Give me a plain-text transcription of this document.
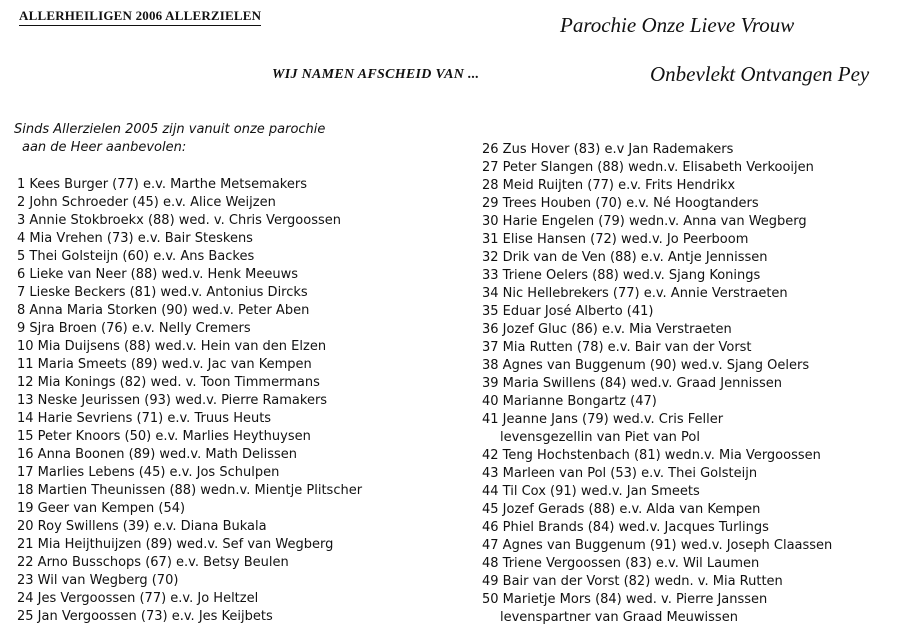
ALLERHEILIGEN 2006 ALLERZIELEN	Parochie Onze Lieve Vrouw
Onbevlekt Ontvangen Pey
WIJ NAMEN AFSCHEID VAN ...
Sinds Allerzielen 2005 zijn vanuit onze parochie
aan de Heer aanbevolen:
1 Kees Burger (77) e.v. Marthe Metsemakers
2 John Schroeder (45) e.v. Alice Weijzen
3 Annie Stokbroekx (88) wed. v. Chris Vergoossen
4 Mia Vrehen (73) e.v. Bair Steskens
5 Thei Golsteijn (60) e.v. Ans Backes
6 Lieke van Neer (88) wed.v. Henk Meeuws
7 Lieske Beckers (81) wed.v. Antonius Dircks
8 Anna Maria Storken (90) wed.v. Peter Aben
9 Sjra Broen (76) e.v. Nelly Cremers
10 Mia Duijsens (88) wed.v. Hein van den Elzen
11 Maria Smeets (89) wed.v. Jac van Kempen
12 Mia Konings (82) wed. v. Toon Timmermans
13 Neske Jeurissen (93) wed.v. Pierre Ramakers
14 Harie Sevriens (71) e.v. Truus Heuts
15 Peter Knoors (50) e.v. Marlies Heythuysen
16 Anna Boonen (89) wed.v. Math Delissen
17 Marlies Lebens (45) e.v. Jos Schulpen
18 Martien Theunissen (88) wedn.v. Mientje Plitscher
19 Geer van Kempen (54)
20 Roy Swillens (39) e.v. Diana Bukala
21 Mia Heijthuijzen (89) wed.v. Sef van Wegberg
22 Arno Busschops (67) e.v. Betsy Beulen
23 Wil van Wegberg (70)
24 Jes Vergoossen (77) e.v. Jo Heltzel
25 Jan Vergoossen (73) e.v. Jes Keijbets
26 Zus Hover (83) e.v Jan Rademakers
27 Peter Slangen (88) wedn.v. Elisabeth Verkooijen
28 Meid Ruijten (77) e.v. Frits Hendrikx
29 Trees Houben (70) e.v. Né Hoogtanders
30 Harie Engelen (79) wedn.v. Anna van Wegberg
31 Elise Hansen (72) wed.v. Jo Peerboom
32 Drik van de Ven (88) e.v. Antje Jennissen
33 Triene Oelers (88) wed.v. Sjang Konings
34 Nic Hellebrekers (77) e.v. Annie Verstraeten
35 Eduar José Alberto (41)
36 Jozef Gluc (86) e.v. Mia Verstraeten
37 Mia Rutten (78) e.v. Bair van der Vorst
38 Agnes van Buggenum (90) wed.v. Sjang Oelers
39 Maria Swillens (84) wed.v. Graad Jennissen
40 Marianne Bongartz (47)
41 Jeanne Jans (79) wed.v. Cris Feller
levensgezellin van Piet van Pol
42 Teng Hochstenbach (81) wedn.v. Mia Vergoossen
43 Marleen van Pol (53) e.v. Thei Golsteijn
44 Til Cox (91) wed.v. Jan Smeets
45 Jozef Gerads (88) e.v. Alda van Kempen
46 Phiel Brands (84) wed.v. Jacques Turlings
47 Agnes van Buggenum (91) wed.v. Joseph Claassen
48 Triene Vergoossen (83) e.v. Wil Laumen
49 Bair van der Vorst (82) wedn. v. Mia Rutten
50 Marietje Mors (84) wed. v. Pierre Janssen
levenspartner van Graad Meuwissen
